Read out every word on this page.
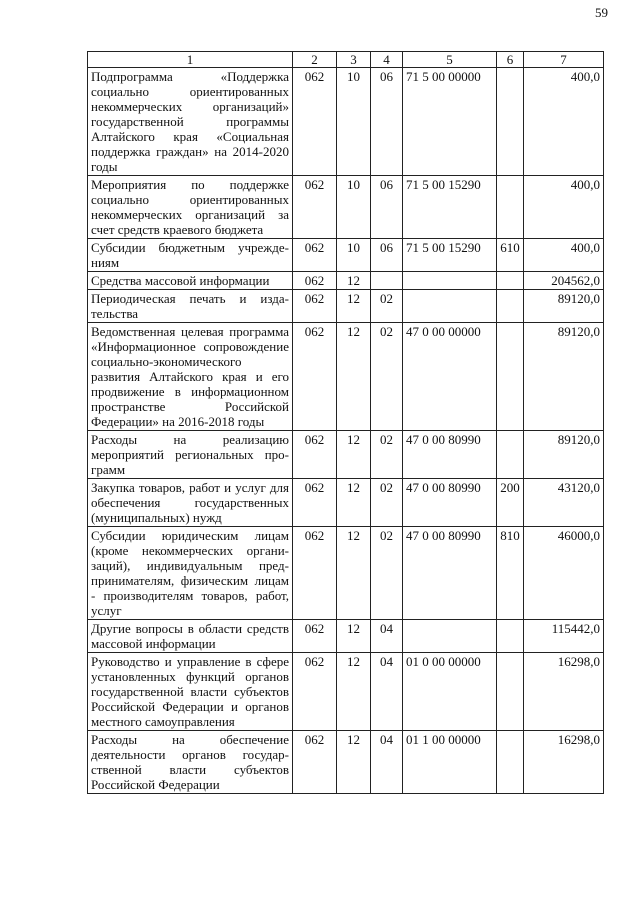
59
1	2	3	4	5	6	7
Подпрограмма «Поддержка социально ориентированных некоммерческих организаций» государственной программы Алтайского края «Социальная поддержка граждан» на 2014-2020 годы	062	10	06	71 5 00 00000		400,0
Мероприятия по поддержке социально ориентированных некоммерческих организаций за счет средств краевого бюджета	062	10	06	71 5 00 15290		400,0
Субсидии бюджетным учреждениям	062	10	06	71 5 00 15290	610	400,0
Средства массовой информации	062	12				204562,0
Периодическая печать и издательства	062	12	02			89120,0
Ведомственная целевая программа «Информационное сопровождение социально-экономического развития Алтайского края и его продвижение в информационном пространстве Российской Федерации» на 2016-2018 годы	062	12	02	47 0 00 00000		89120,0
Расходы на реализацию мероприятий региональных программ	062	12	02	47 0 00 80990		89120,0
Закупка товаров, работ и услуг для обеспечения государственных (муниципальных) нужд	062	12	02	47 0 00 80990	200	43120,0
Субсидии юридическим лицам (кроме некоммерческих организаций), индивидуальным предпринимателям, физическим лицам - производителям товаров, работ, услуг	062	12	02	47 0 00 80990	810	46000,0
Другие вопросы в области средств массовой информации	062	12	04			115442,0
Руководство и управление в сфере установленных функций органов государственной власти субъектов Российской Федерации и органов местного самоуправления	062	12	04	01 0 00 00000		16298,0
Расходы на обеспечение деятельности органов государственной власти субъектов Российской Федерации	062	12	04	01 1 00 00000		16298,0
